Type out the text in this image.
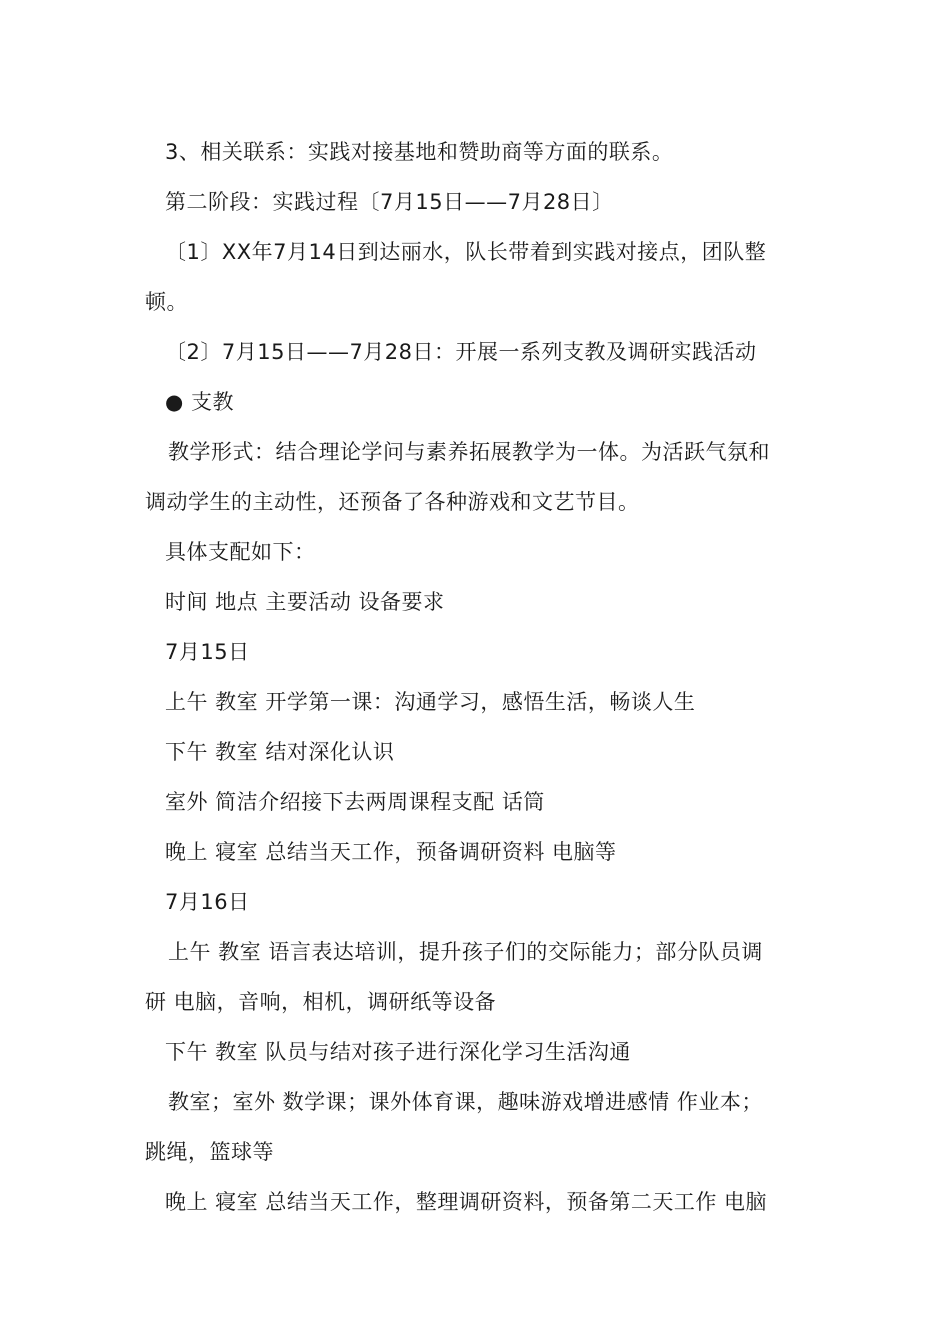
3、相关联系：实践对接基地和赞助商等方面的联系。
第二阶段：实践过程〔7月15日——7月28日〕
〔1〕XX年7月14日到达丽水，队长带着到实践对接点，团队整
顿。
〔2〕7月15日——7月28日：开展一系列支教及调研实践活动
● 支教
教学形式：结合理论学问与素养拓展教学为一体。为活跃气氛和
调动学生的主动性，还预备了各种游戏和文艺节目。
具体支配如下：
时间 地点 主要活动 设备要求
7月15日
上午 教室 开学第一课：沟通学习，感悟生活，畅谈人生
下午 教室 结对深化认识
室外 简洁介绍接下去两周课程支配 话筒
晚上 寝室 总结当天工作，预备调研资料 电脑等
7月16日
上午 教室 语言表达培训，提升孩子们的交际能力；部分队员调
研 电脑，音响，相机，调研纸等设备
下午 教室 队员与结对孩子进行深化学习生活沟通
教室；室外 数学课；课外体育课，趣味游戏增进感情 作业本；
跳绳，篮球等
晚上 寝室 总结当天工作，整理调研资料，预备第二天工作 电脑
